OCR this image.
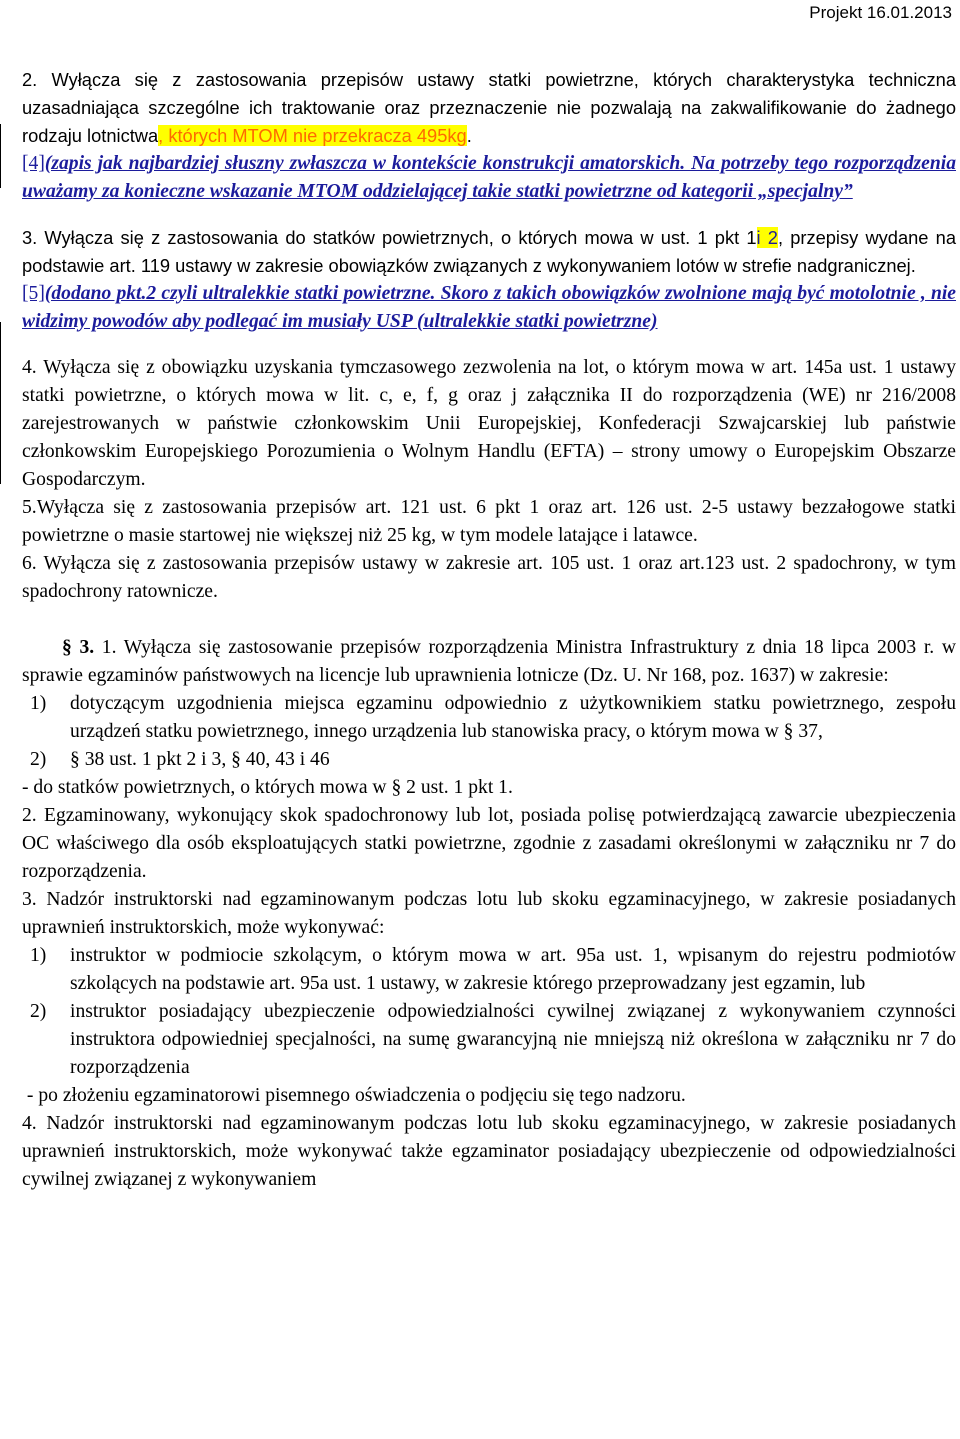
Projekt 16.01.2013

2. Wyłącza się z zastosowania przepisów ustawy statki powietrzne, których charakterystyka techniczna uzasadniająca szczególne ich traktowanie oraz przeznaczenie nie pozwalają na zakwalifikowanie do żadnego rodzaju lotnictwa, których MTOM nie przekracza 495kg.

[4](zapis jak najbardziej słuszny zwłaszcza w kontekście konstrukcji amatorskich. Na potrzeby tego rozporządzenia uważamy za konieczne wskazanie MTOM oddzielającej takie statki powietrzne od kategorii „specjalny”

3. Wyłącza się z zastosowania do statków powietrznych, o których mowa w ust. 1 pkt 1i 2, przepisy wydane na podstawie art. 119 ustawy w zakresie obowiązków związanych z wykonywaniem lotów w strefie nadgranicznej.

[5](dodano pkt.2 czyli ultralekkie statki powietrzne. Skoro z takich obowiązków zwolnione mają być motolotnie , nie widzimy powodów aby podlegać im musiały USP (ultralekkie statki powietrzne)

4. Wyłącza się z obowiązku uzyskania tymczasowego zezwolenia na lot, o którym mowa w art. 145a ust. 1 ustawy statki powietrzne, o których mowa w lit. c, e, f, g oraz j załącznika II do rozporządzenia (WE) nr 216/2008 zarejestrowanych w państwie członkowskim Unii Europejskiej, Konfederacji Szwajcarskiej lub państwie członkowskim Europejskiego Porozumienia o Wolnym Handlu (EFTA) – strony umowy o Europejskim Obszarze Gospodarczym.

5.Wyłącza się z zastosowania przepisów art. 121 ust. 6 pkt 1 oraz art. 126 ust. 2-5 ustawy bezzałogowe statki powietrzne o masie startowej nie większej niż 25 kg, w tym modele latające i latawce.

6. Wyłącza się z zastosowania przepisów ustawy w zakresie art. 105 ust. 1 oraz art.123 ust. 2 spadochrony, w tym spadochrony ratownicze.

§ 3. 1. Wyłącza się zastosowanie przepisów rozporządzenia Ministra Infrastruktury z dnia 18 lipca 2003 r. w sprawie egzaminów państwowych na licencje lub uprawnienia lotnicze (Dz. U. Nr 168, poz. 1637) w zakresie:

1)	dotyczącym uzgodnienia miejsca egzaminu odpowiednio z użytkownikiem statku powietrznego, zespołu urządzeń statku powietrznego, innego urządzenia lub stanowiska pracy, o którym mowa w § 37,
2)	§ 38 ust. 1 pkt 2 i 3, § 40, 43 i 46

- do statków powietrznych, o których mowa w § 2 ust. 1 pkt 1.

2. Egzaminowany, wykonujący skok spadochronowy lub lot, posiada polisę potwierdzającą zawarcie ubezpieczenia OC właściwego dla osób eksploatujących statki powietrzne, zgodnie z zasadami określonymi w załączniku nr 7 do rozporządzenia.

3. Nadzór instruktorski nad egzaminowanym podczas lotu lub skoku egzaminacyjnego, w zakresie posiadanych uprawnień instruktorskich, może wykonywać:

1)	instruktor w podmiocie szkolącym, o którym mowa w art. 95a ust. 1, wpisanym do rejestru podmiotów szkolących na podstawie art. 95a ust. 1 ustawy, w zakresie którego przeprowadzany jest egzamin, lub
2)	instruktor posiadający ubezpieczenie odpowiedzialności cywilnej związanej z wykonywaniem czynności instruktora odpowiedniej specjalności, na sumę gwarancyjną nie mniejszą niż określona w załączniku nr 7 do rozporządzenia

- po złożeniu egzaminatorowi pisemnego oświadczenia o podjęciu się tego nadzoru.

4. Nadzór instruktorski nad egzaminowanym podczas lotu lub skoku egzaminacyjnego, w zakresie posiadanych uprawnień instruktorskich, może wykonywać także egzaminator posiadający ubezpieczenie od odpowiedzialności cywilnej związanej z wykonywaniem
